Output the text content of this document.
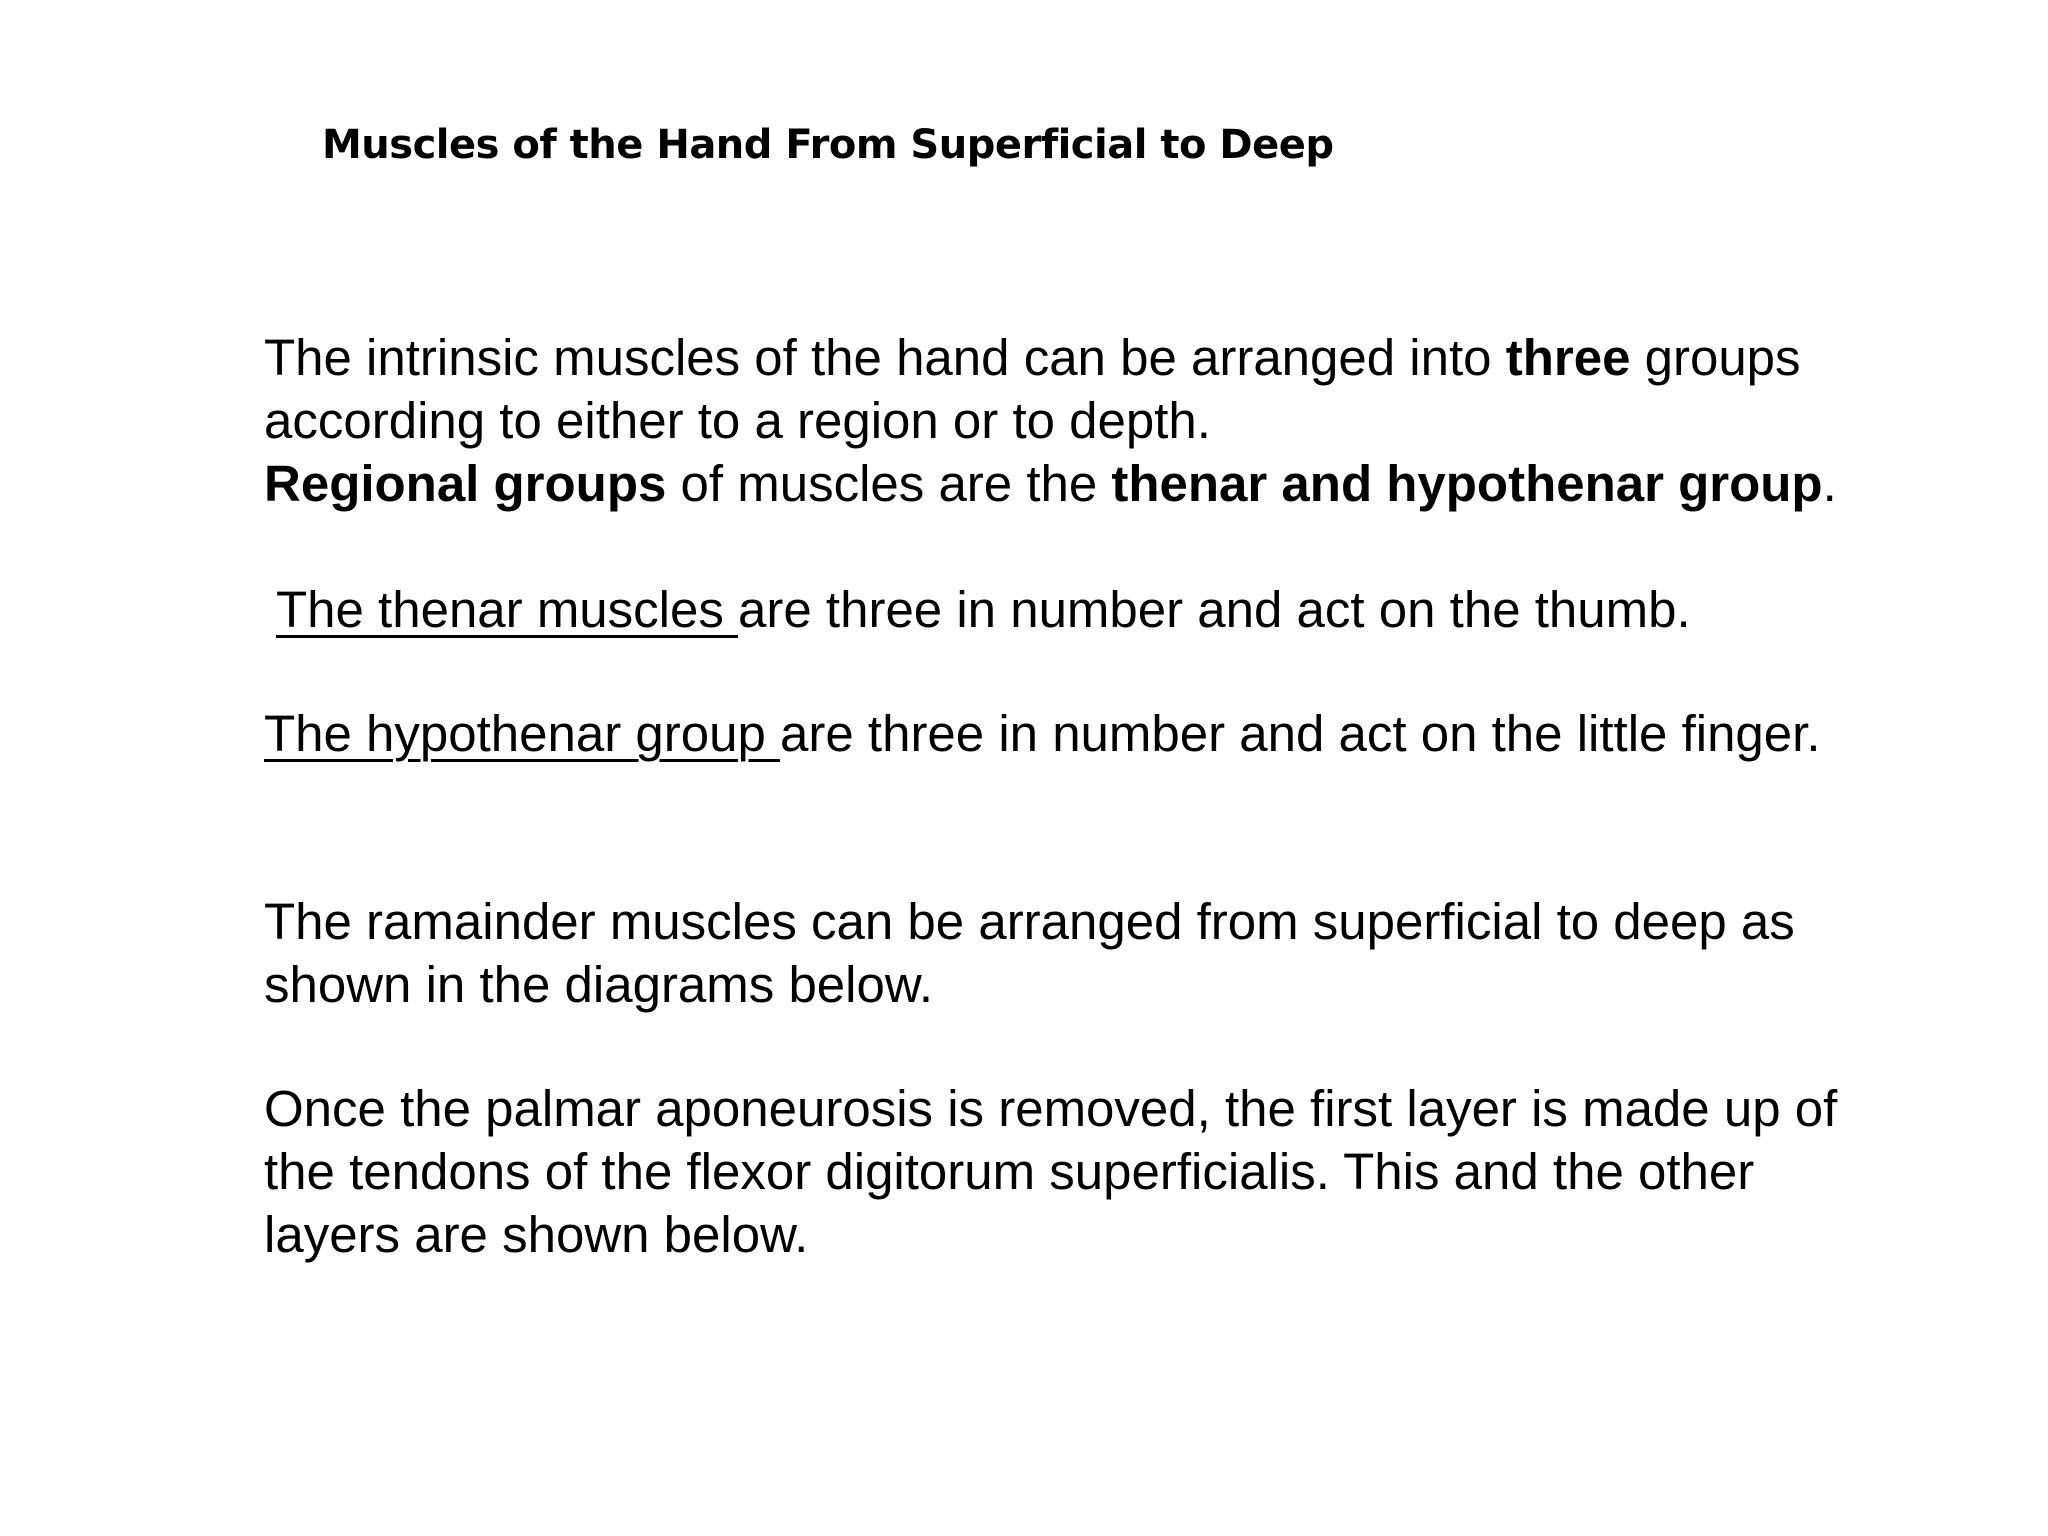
Muscles of the Hand From Superficial to Deep
The intrinsic muscles of the hand can be arranged into three groups
according to either to a region or to depth.
Regional groups of muscles are the thenar and hypothenar group.
The thenar muscles are three in number and act on the thumb.
The hypothenar group are three in number and act on the little finger.
The ramainder muscles can be arranged from superficial to deep as
shown in the diagrams below.
Once the palmar aponeurosis is removed, the first layer is made up of
the tendons of the flexor digitorum superficialis. This and the other
layers are shown below.
